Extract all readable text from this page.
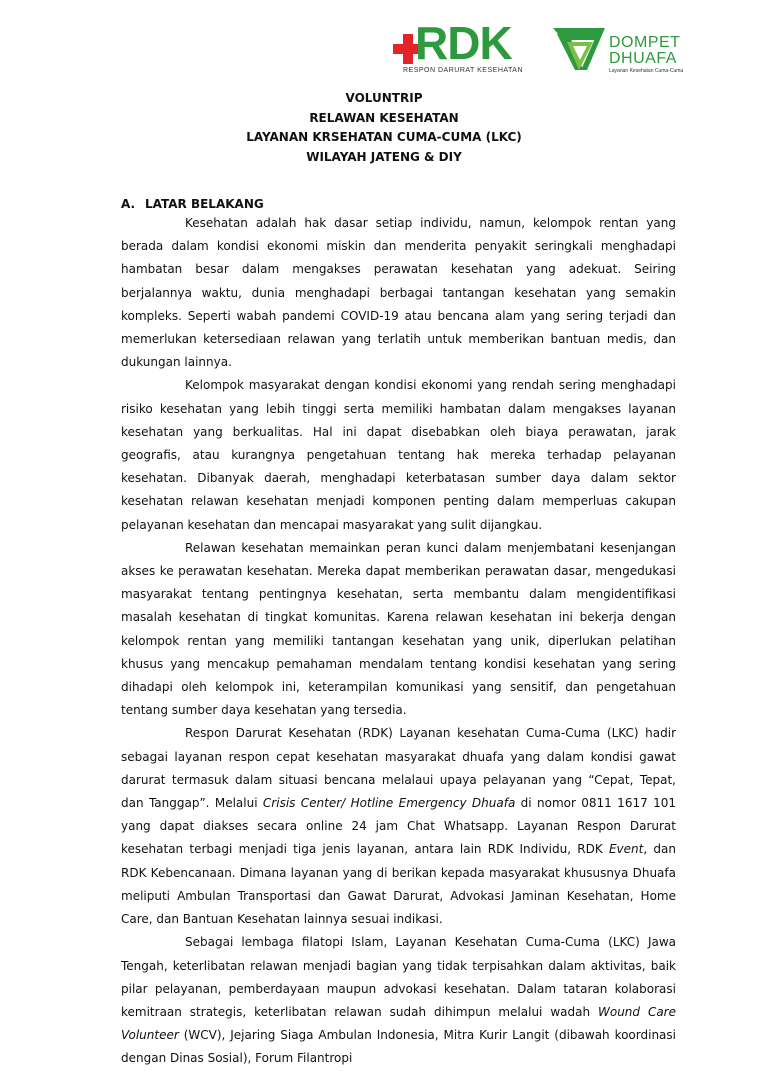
RDK
RESPON DARURAT KESEHATAN
DOMPET
DHUAFA
Layanan Kesehatan Cuma-Cuma
VOLUNTRIP
RELAWAN KESEHATAN
LAYANAN KRSEHATAN CUMA-CUMA (LKC)
WILAYAH JATENG & DIY
A. LATAR BELAKANG

Kesehatan adalah hak dasar setiap individu, namun, kelompok rentan yang berada dalam kondisi ekonomi miskin dan menderita penyakit seringkali menghadapi hambatan besar dalam mengakses perawatan kesehatan yang adekuat. Seiring berjalannya waktu, dunia menghadapi berbagai tantangan kesehatan yang semakin kompleks. Seperti wabah pandemi COVID-19 atau bencana alam yang sering terjadi dan memerlukan ketersediaan relawan yang terlatih untuk memberikan bantuan medis, dan dukungan lainnya.

Kelompok masyarakat dengan kondisi ekonomi yang rendah sering menghadapi risiko kesehatan yang lebih tinggi serta memiliki hambatan dalam mengakses layanan kesehatan yang berkualitas. Hal ini dapat disebabkan oleh biaya perawatan, jarak geografis, atau kurangnya pengetahuan tentang hak mereka terhadap pelayanan kesehatan. Dibanyak daerah, menghadapi keterbatasan sumber daya dalam sektor kesehatan relawan kesehatan menjadi komponen penting dalam memperluas cakupan pelayanan kesehatan dan mencapai masyarakat yang sulit dijangkau.

Relawan kesehatan memainkan peran kunci dalam menjembatani kesenjangan akses ke perawatan kesehatan. Mereka dapat memberikan perawatan dasar, mengedukasi masyarakat tentang pentingnya kesehatan, serta membantu dalam mengidentifikasi masalah kesehatan di tingkat komunitas. Karena relawan kesehatan ini bekerja dengan kelompok rentan yang memiliki tantangan kesehatan yang unik, diperlukan pelatihan khusus yang mencakup pemahaman mendalam tentang kondisi kesehatan yang sering dihadapi oleh kelompok ini, keterampilan komunikasi yang sensitif, dan pengetahuan tentang sumber daya kesehatan yang tersedia.

Respon Darurat Kesehatan (RDK) Layanan kesehatan Cuma-Cuma (LKC) hadir sebagai layanan respon cepat kesehatan masyarakat dhuafa yang dalam kondisi gawat darurat termasuk dalam situasi bencana melalaui upaya pelayanan yang “Cepat, Tepat, dan Tanggap”. Melalui Crisis Center/ Hotline Emergency Dhuafa di nomor 0811 1617 101 yang dapat diakses secara online 24 jam Chat Whatsapp. Layanan Respon Darurat kesehatan terbagi menjadi tiga jenis layanan, antara lain RDK Individu, RDK Event, dan RDK Kebencanaan. Dimana layanan yang di berikan kepada masyarakat khususnya Dhuafa meliputi Ambulan Transportasi dan Gawat Darurat, Advokasi Jaminan Kesehatan, Home Care, dan Bantuan Kesehatan lainnya sesuai indikasi.

Sebagai lembaga filatopi Islam, Layanan Kesehatan Cuma-Cuma (LKC) Jawa Tengah, keterlibatan relawan menjadi bagian yang tidak terpisahkan dalam aktivitas, baik pilar pelayanan, pemberdayaan maupun advokasi kesehatan. Dalam tataran kolaborasi kemitraan strategis, keterlibatan relawan sudah dihimpun melalui wadah Wound Care Volunteer (WCV), Jejaring Siaga Ambulan Indonesia, Mitra Kurir Langit (dibawah koordinasi dengan Dinas Sosial), Forum Filantropi
